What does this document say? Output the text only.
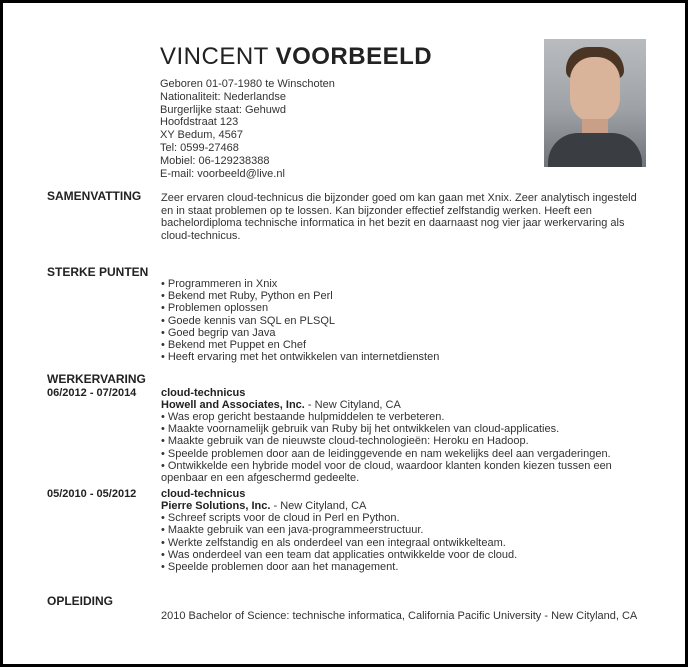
VINCENT VOORBEELD
Geboren 01-07-1980 te Winschoten
Nationaliteit: Nederlandse
Burgerlijke staat: Gehuwd
Hoofdstraat 123
XY Bedum, 4567
Tel: 0599-27468
Mobiel: 06-129238388
E-mail: voorbeeld@live.nl
SAMENVATTING Zeer ervaren cloud-technicus die bijzonder goed om kan gaan met Xnix. Zeer analytisch ingesteld en in staat problemen op te lossen. Kan bijzonder effectief zelfstandig werken. Heeft een bachelordiploma technische informatica in het bezit en daarnaast nog vier jaar werkervaring als cloud-technicus.

STERKE PUNTEN
• Programmeren in Xnix
• Bekend met Ruby, Python en Perl
• Problemen oplossen
• Goede kennis van SQL en PLSQL
• Goed begrip van Java
• Bekend met Puppet en Chef
• Heeft ervaring met het ontwikkelen van internetdiensten
WERKERVARING
06/2012 - 07/2014 cloud-technicus
Howell and Associates, Inc. - New Cityland, CA
• Was erop gericht bestaande hulpmiddelen te verbeteren.
• Maakte voornamelijk gebruik van Ruby bij het ontwikkelen van cloud-applicaties.
• Maakte gebruik van de nieuwste cloud-technologieën: Heroku en Hadoop.
• Speelde problemen door aan de leidinggevende en nam wekelijks deel aan vergaderingen.
• Ontwikkelde een hybride model voor de cloud, waardoor klanten konden kiezen tussen een openbaar en een afgeschermd gedeelte.
05/2010 - 05/2012 cloud-technicus
Pierre Solutions, Inc. - New Cityland, CA
• Schreef scripts voor de cloud in Perl en Python.
• Maakte gebruik van een java-programmeerstructuur.
• Werkte zelfstandig en als onderdeel van een integraal ontwikkelteam.
• Was onderdeel van een team dat applicaties ontwikkelde voor de cloud.
• Speelde problemen door aan het management.
OPLEIDING

2010 Bachelor of Science: technische informatica, California Pacific University - New Cityland, CA
